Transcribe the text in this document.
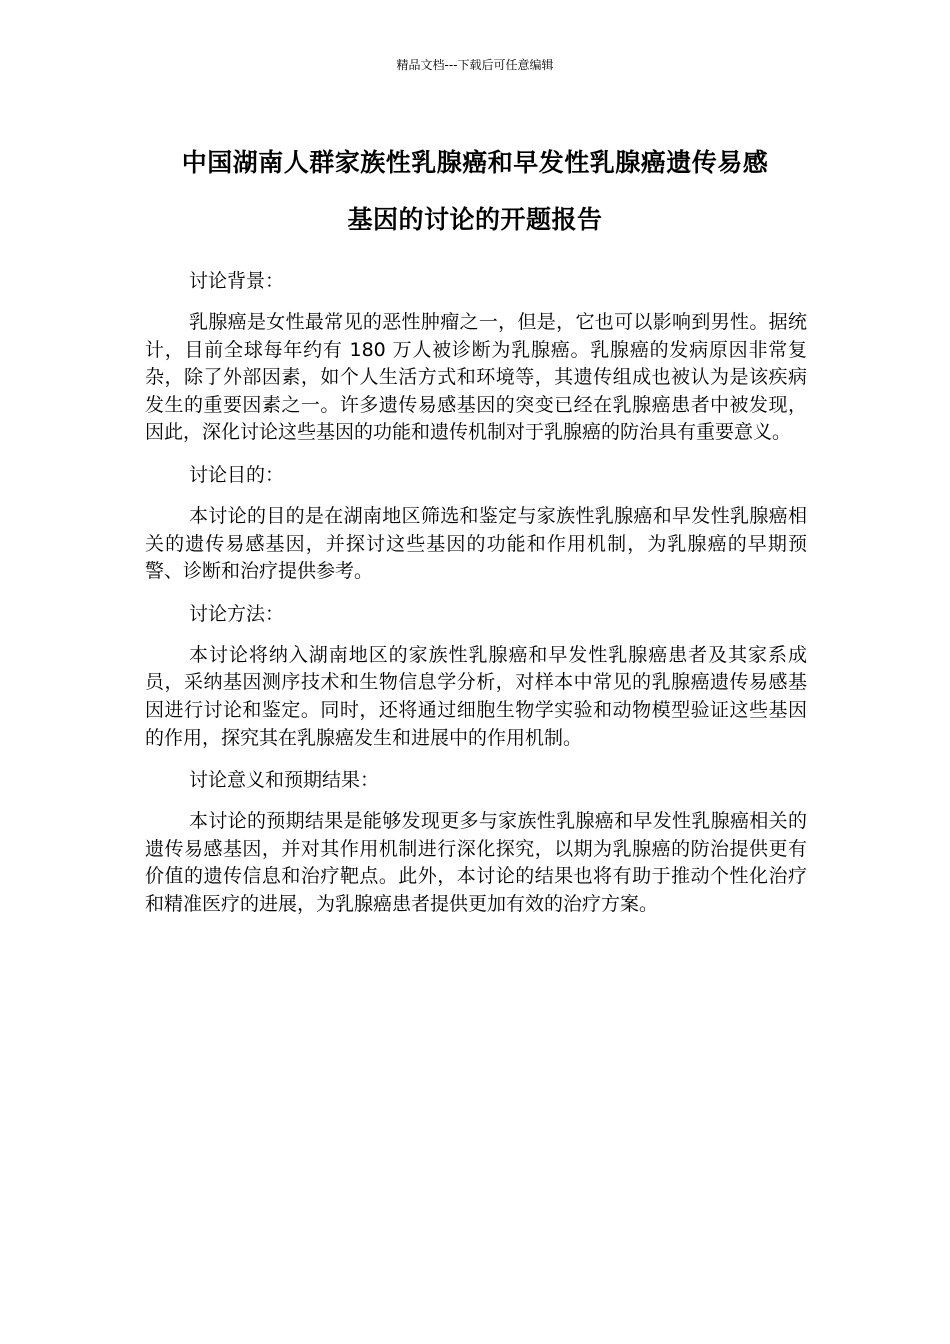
精品文档---下载后可任意编辑
中国湖南人群家族性乳腺癌和早发性乳腺癌遗传易感
基因的讨论的开题报告

讨论背景：

乳腺癌是女性最常见的恶性肿瘤之一，但是，它也可以影响到男性。据统计，目前全球每年约有 180 万人被诊断为乳腺癌。乳腺癌的发病原因非常复杂，除了外部因素，如个人生活方式和环境等，其遗传组成也被认为是该疾病发生的重要因素之一。许多遗传易感基因的突变已经在乳腺癌患者中被发现，因此，深化讨论这些基因的功能和遗传机制对于乳腺癌的防治具有重要意义。

讨论目的：

本讨论的目的是在湖南地区筛选和鉴定与家族性乳腺癌和早发性乳腺癌相关的遗传易感基因，并探讨这些基因的功能和作用机制，为乳腺癌的早期预警、诊断和治疗提供参考。

讨论方法：

本讨论将纳入湖南地区的家族性乳腺癌和早发性乳腺癌患者及其家系成员，采纳基因测序技术和生物信息学分析，对样本中常见的乳腺癌遗传易感基因进行讨论和鉴定。同时，还将通过细胞生物学实验和动物模型验证这些基因的作用，探究其在乳腺癌发生和进展中的作用机制。

讨论意义和预期结果：

本讨论的预期结果是能够发现更多与家族性乳腺癌和早发性乳腺癌相关的遗传易感基因，并对其作用机制进行深化探究，以期为乳腺癌的防治提供更有价值的遗传信息和治疗靶点。此外，本讨论的结果也将有助于推动个性化治疗和精准医疗的进展，为乳腺癌患者提供更加有效的治疗方案。
